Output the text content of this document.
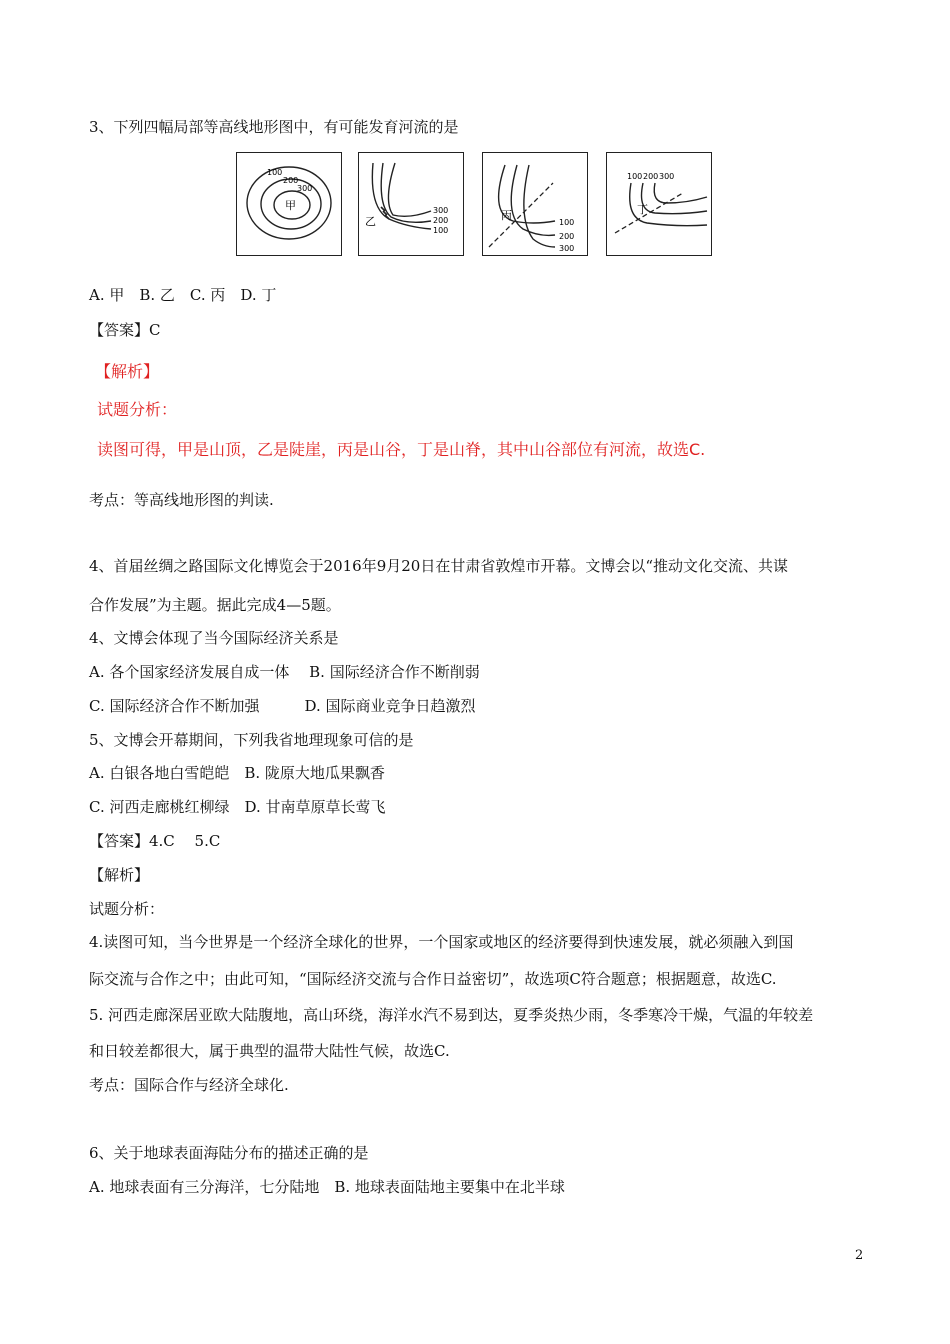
3、下列四幅局部等高线地形图中，有可能发育河流的是
100
200
300
甲
乙
300
200
100
丙
100
200
300
100 200 300
丁
A. 甲　B. 乙　C. 丙　D. 丁
【答案】C
【解析】
试题分析：
读图可得，甲是山顶，乙是陡崖，丙是山谷，丁是山脊，其中山谷部位有河流，故选C.
考点：等高线地形图的判读.
4、首届丝绸之路国际文化博览会于2016年9月20日在甘肃省敦煌市开幕。文博会以“推动文化交流、共谋
合作发展”为主题。据此完成4—5题。
4、文博会体现了当今国际经济关系是
A. 各个国家经济发展自成一体　 B. 国际经济合作不断削弱
C. 国际经济合作不断加强　　　D. 国际商业竞争日趋激烈
5、文博会开幕期间，下列我省地理现象可信的是
A. 白银各地白雪皑皑　B. 陇原大地瓜果飘香
C. 河西走廊桃红柳绿　D. 甘南草原草长莺飞
【答案】4.C　 5.C
【解析】
试题分析：
4.读图可知，当今世界是一个经济全球化的世界，一个国家或地区的经济要得到快速发展，就必须融入到国
际交流与合作之中；由此可知，“国际经济交流与合作日益密切”，故选项C符合题意；根据题意，故选C.
5. 河西走廊深居亚欧大陆腹地，高山环绕，海洋水汽不易到达，夏季炎热少雨，冬季寒冷干燥，气温的年较差
和日较差都很大，属于典型的温带大陆性气候，故选C.
考点：国际合作与经济全球化.
6、关于地球表面海陆分布的描述正确的是
A. 地球表面有三分海洋，七分陆地　B. 地球表面陆地主要集中在北半球
2
